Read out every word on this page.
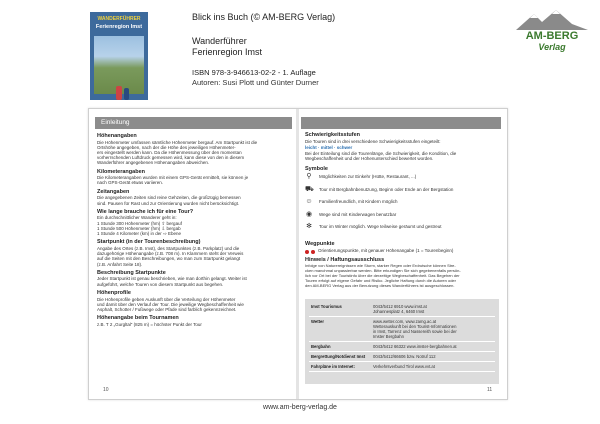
WANDERFÜHRER
Ferienregion Imst
Blick ins Buch (© AM-BERG Verlag)
Wanderführer
Ferienregion Imst
ISBN 978-3-946613-02-2 - 1. Auflage
Autoren: Susi Plott und Günter Durner
AM-BERG
Verlag
Einleitung
Höhenangaben
Die Höhenmeter umfassen sämtliche Höhenmeter bergauf. Am Startpunkt ist die
Ortshöhe angegeben, nach der die Höhe des jeweiligen Höhenmeter-
ers eingestellt werden kann. Da die Höhenmessung über den momentan
vorherrschenden Luftdruck gemessen wird, kann diese von den in diesem
Wanderführer angegebenen Höhenangaben abweichen.
Kilometerangaben
Die Kilometerangaben wurden mit einem GPS-Gerät ermittelt, sie können je
nach GPS-Gerät etwas variieren.
Zeitangaben
Die angegebenen Zeiten sind reine Gehzeiten, die großzügig bemessen
sind. Pausen für Rast und zur Orientierung wurden nicht berücksichtigt.
Wie lange brauche ich für eine Tour?
Ein durchschnittlicher Wanderer geht in:
1 Stunde 300 Höhenmeter (hm) ⇧ bergauf
1 Stunde 500 Höhenmeter (hm) ⇩ bergab
1 Stunde 4 Kilometer (km) in der ⇨ Ebene
Startpunkt (in der Tourenbeschreibung)
Angabe des Ortes (z.B. Imst), des Startpunktes (z.B. Parkplatz) und die
dazugehörige Höhenangabe (z.B. 708 m). In Klammern steht der Verweis
auf die Seiten mit den Beschreibungen, wo man zum Startpunkt gelangt
(z.B. Anfahrt Seite 18).
Beschreibung Startpunkte
Jeder Startpunkt ist genau beschrieben, wie man dorthin gelangt. Weiter ist
aufgeführt, welche Touren von diesem Startpunkt aus begehen.
Höhenprofile
Die Höhenprofile geben Auskunft über die Verteilung der Höhenmeter
und damit über den Verlauf der Tour. Die jeweilige Wegbeschaffenheit wie
Asphalt, Schotter / Fußwege oder Pfade sind farblich gekennzeichnet.
Höhenangabe beim Tournamen
z.B. T 2 „Gurgltal“ (825 m) = höchster Punkt der Tour
10
Schwierigkeitsstufen
Die Touren sind in drei verschiedene Schwierigkeitsstufen eingeteilt:
leicht · mittel · schwer
Bei der Einteilung sind die Tourenlänge, die Schwierigkeit, die Kondition, die
Wegbeschaffenheit und der Höhenunterschied bewertet worden.
Symbole
⚲	Möglichkeiten zur Einkehr (Hütte, Restaurant, ...)
⛟ Tour mit Bergbahnbenutzung, Beginn oder Ende an der Bergstation
☺ Familienfreundlich, mit Kindern möglich
◉ Wege sind mit Kinderwagen benutzbar
✻ Tour im Winter möglich. Wege teilweise geräumt und gestreut
Wegpunkte
Orientierungspunkte, mit genauer Höhenangabe (1 = Tourenbeginn)
Hinweis / Haftungsausschluss
Infolge von Naturereignissen wie Sturm, starker Regen oder Erdrutsche können Stre-
cken manchmal unpassierbar werden. Bitte erkundigen Sie sich gegebenenfalls persön-
lich vor Ort bei der Touristinfo über die derzeitige Wegbeschaffenheit. Das Begehen der
Touren erfolgt auf eigene Gefahr und Risiko. Jegliche Haftung durch die Autoren oder
den AM-BERG Verlag aus der Benutzung dieses Wanderführers ist ausgeschlossen.
Imst Tourismus	0043/5412 6910 www.imst.at
Johannesplatz 4, 6460 Imst
Wetter	www.wetter.com, www.zamg.ac.at
Wetterauskunft bei den Tourist-Informationen
in Imst, Tarrenz und Nassereith sowie bei der
Imster Bergbahn
Bergbahn	0043/5412 66322 www.imster-bergbahnen.at
Bergrettung/Notdienst Imst 0043/5412/66606 bzw. Notruf 112
Fahrpläne im Internet:	Verkehrsverbund Tirol www.vvt.at
11
www.am-berg-verlag.de
